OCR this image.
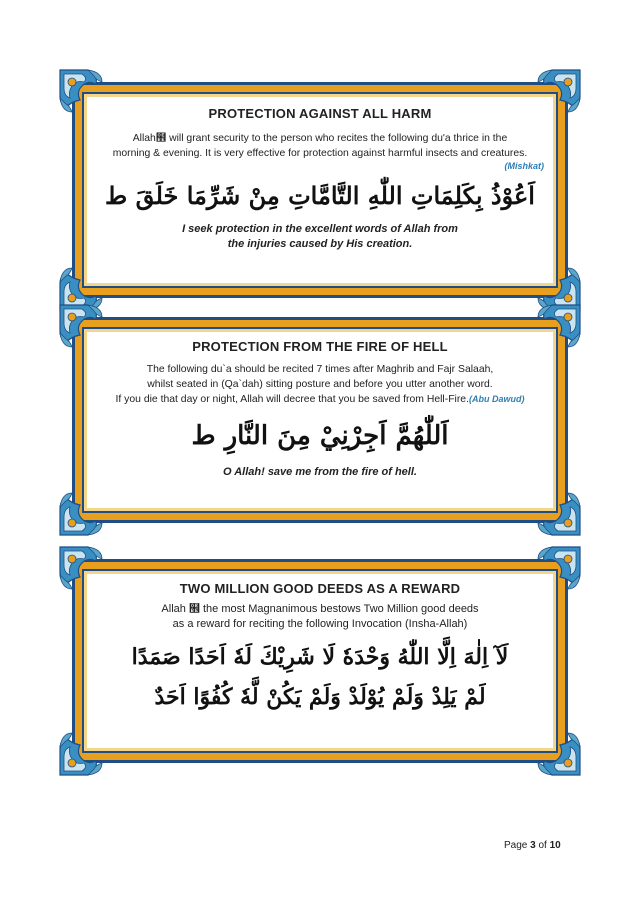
PROTECTION AGAINST ALL HARM
Allah຾ will grant security to the person who recites the following du'a thrice in the
morning & evening. It is very effective for protection against harmful insects and creatures.
(Mishkat)
اَعُوْذُ بِكَلِمَاتِ اللّٰهِ التَّامَّاتِ مِنْ شَرِّمَا خَلَقَ ط
I seek protection in the excellent words of Allah from
the injuries caused by His creation.
PROTECTION FROM THE FIRE OF HELL
The following du`a should be recited 7 times after Maghrib and Fajr Salaah,
whilst seated in (Qa`dah) sitting posture and before you utter another word.
If you die that day or night, Allah will decree that you be saved from Hell-Fire.(Abu Dawud)
اَللّٰهُمَّ اَجِرْنِيْ مِنَ النَّارِ ط
O Allah! save me from the fire of hell.
TWO MILLION GOOD DEEDS AS A REWARD
Allah ຾ the most Magnanimous bestows Two Million good deeds
as a reward for reciting the following Invocation (Insha-Allah)
لَآ اِلٰهَ اِلَّا اللّٰهُ وَحْدَهٗ لَا شَرِيْكَ لَهٗ اَحَدًا صَمَدًا
لَمْ يَلِدْ وَلَمْ يُوْلَدْ وَلَمْ يَكُنْ لَّهٗ كُفُوًا اَحَدٌ
Page 3 of 10
